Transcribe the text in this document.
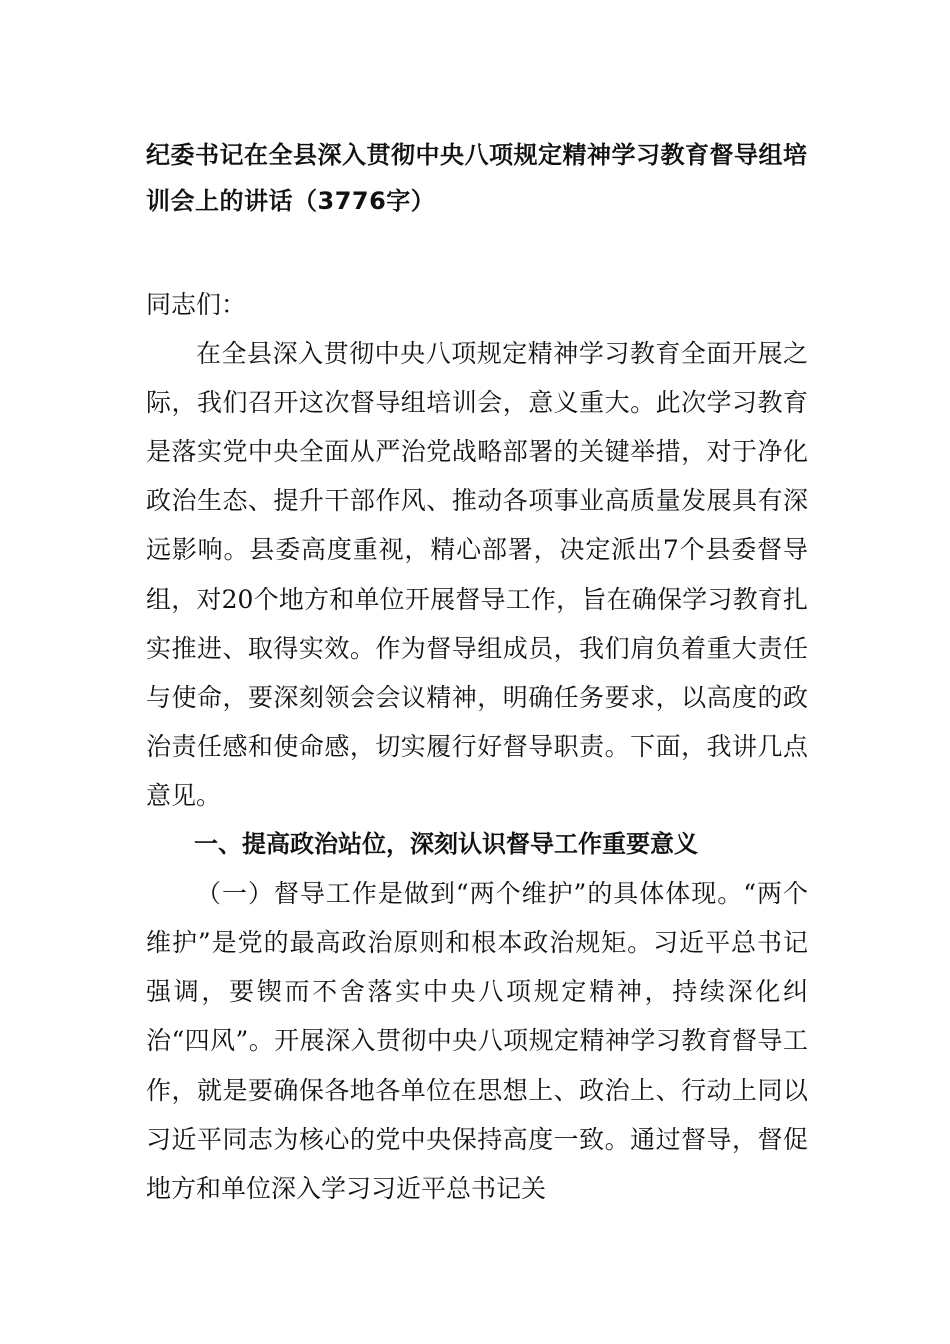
纪委书记在全县深入贯彻中央八项规定精神学习教育督导组培训会上的讲话（3776字）

同志们：

在全县深入贯彻中央八项规定精神学习教育全面开展之际，我们召开这次督导组培训会，意义重大。此次学习教育是落实党中央全面从严治党战略部署的关键举措，对于净化政治生态、提升干部作风、推动各项事业高质量发展具有深远影响。县委高度重视，精心部署，决定派出7个县委督导组，对20个地方和单位开展督导工作，旨在确保学习教育扎实推进、取得实效。作为督导组成员，我们肩负着重大责任与使命，要深刻领会会议精神，明确任务要求，以高度的政治责任感和使命感，切实履行好督导职责。下面，我讲几点意见。

一、提高政治站位，深刻认识督导工作重要意义

（一）督导工作是做到“两个维护”的具体体现。“两个维护”是党的最高政治原则和根本政治规矩。习近平总书记强调，要锲而不舍落实中央八项规定精神，持续深化纠治“四风”。开展深入贯彻中央八项规定精神学习教育督导工作，就是要确保各地各单位在思想上、政治上、行动上同以习近平同志为核心的党中央保持高度一致。通过督导，督促地方和单位深入学习习近平总书记关
